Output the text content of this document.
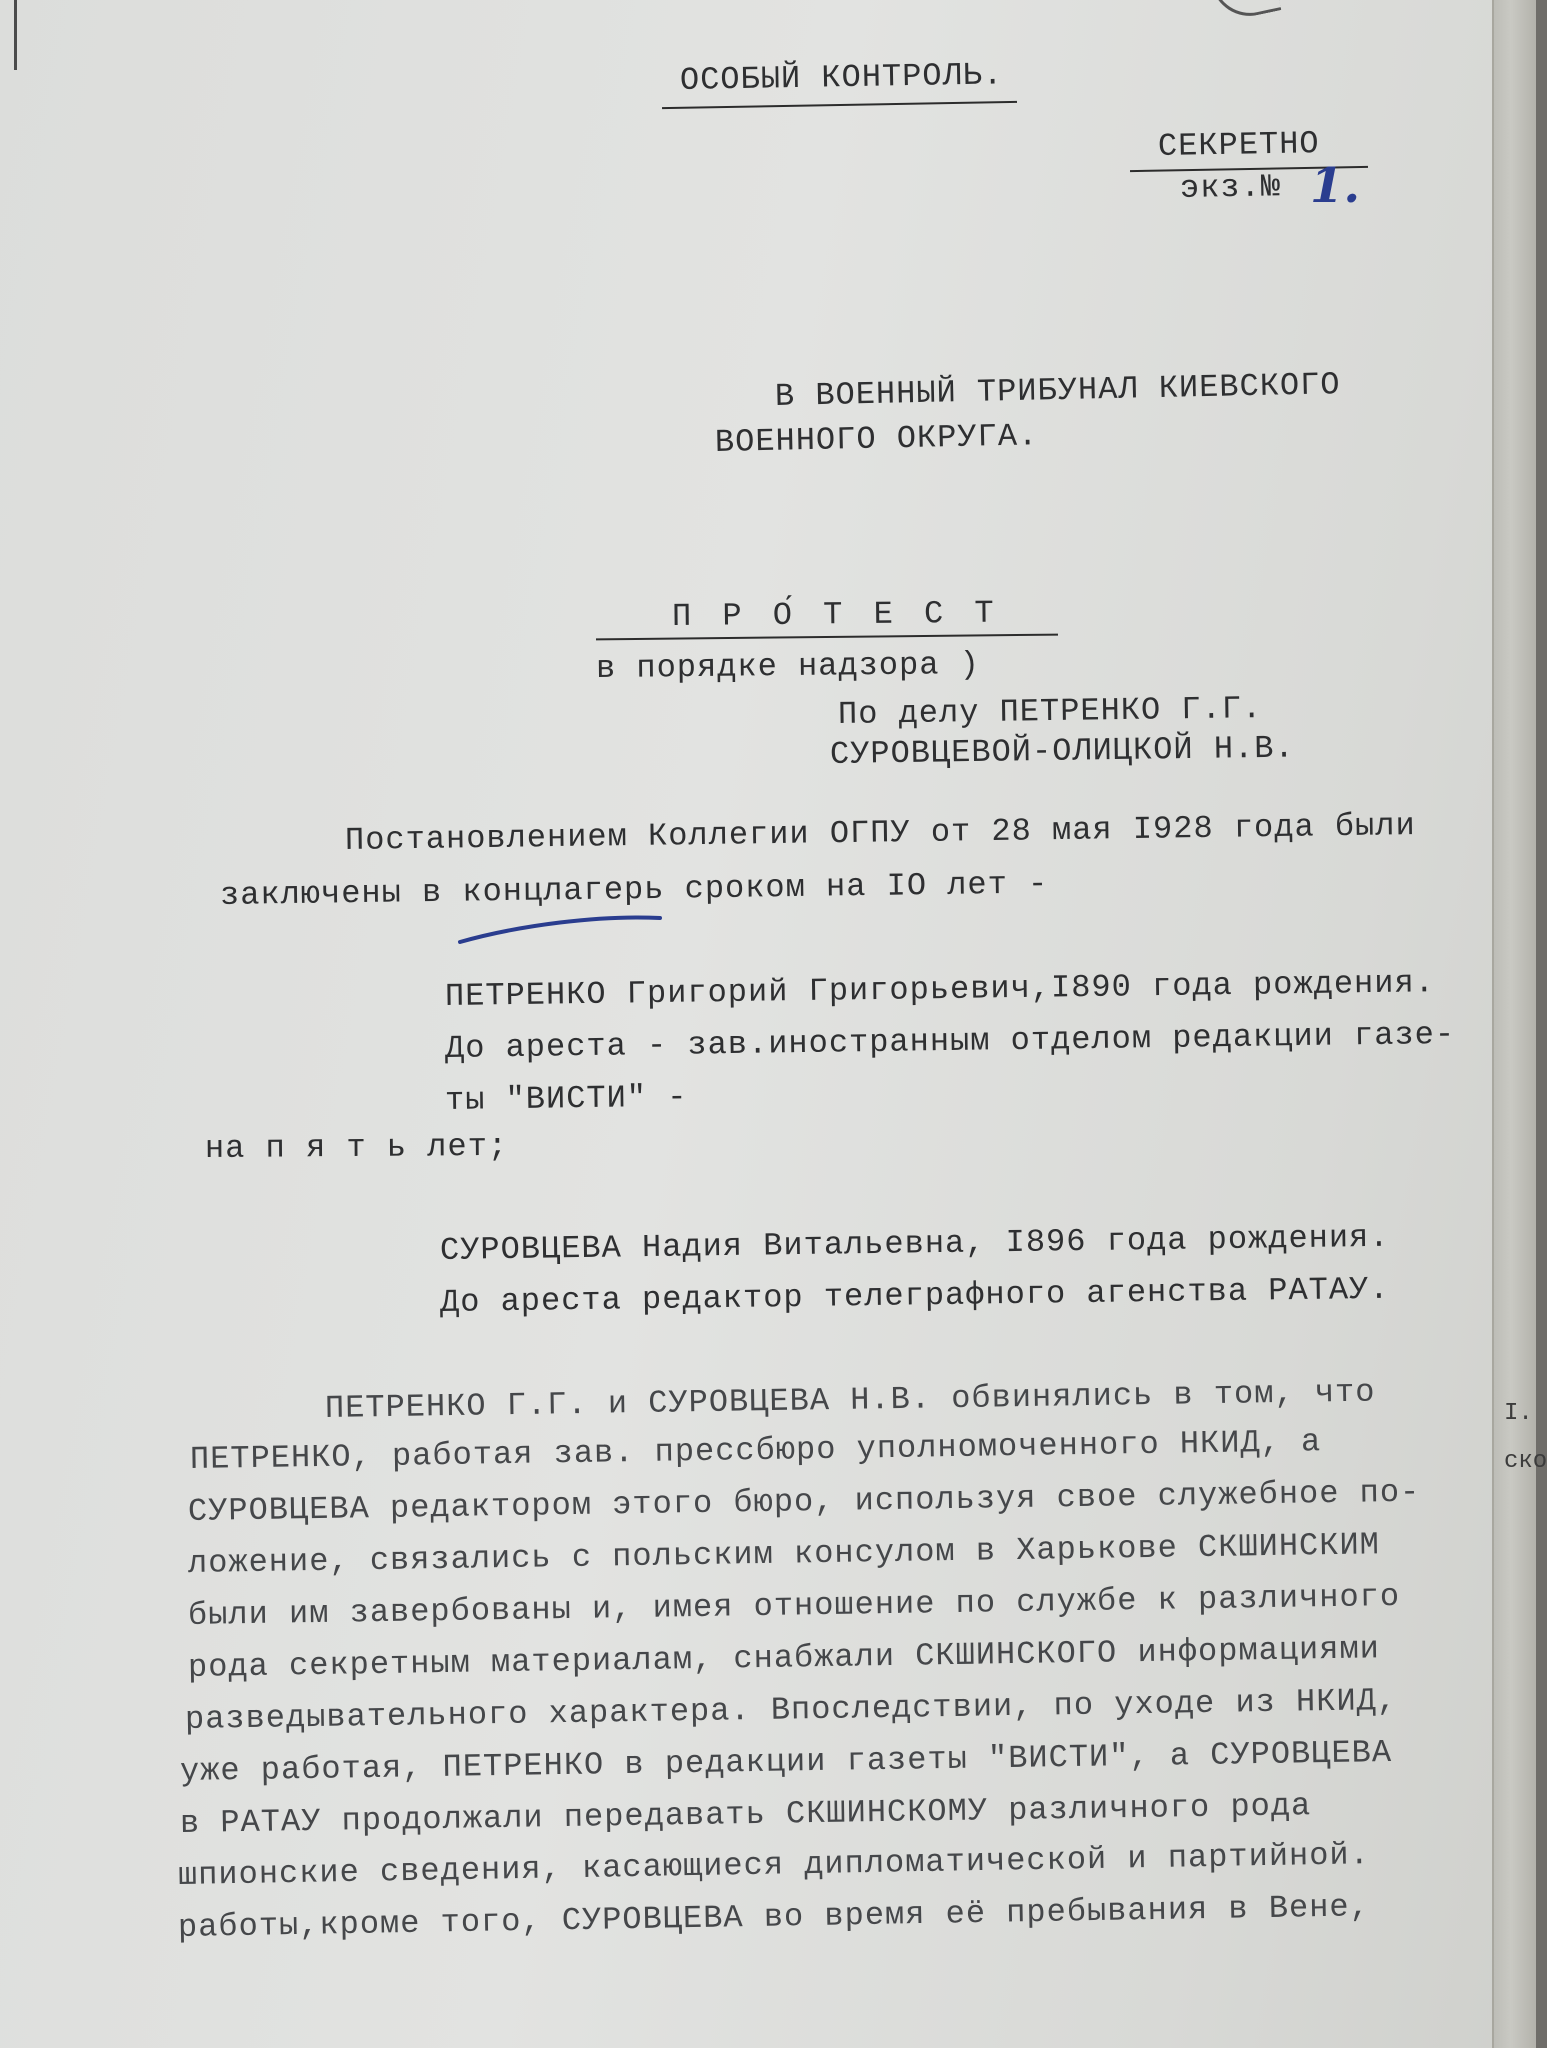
I.
ско
ОСОБЫЙ КОНТРОЛЬ.
СЕКРЕТНО
экз.№ 1.
В ВОЕННЫЙ ТРИБУНАЛ КИЕВСКОГО
ВОЕННОГО ОКРУГА.
П Р О́ Т Е С Т
в порядке надзора )
По делу ПЕТРЕНКО Г.Г.
СУРОВЦЕВОЙ-ОЛИЦКОЙ Н.В.
Постановлением Коллегии ОГПУ от 28 мая I928 года были
заключены в концлагерь сроком на IO лет -
ПЕТРЕНКО Григорий Григорьевич,I890 года рождения.
До ареста - зав.иностранным отделом редакции газе-
ты "ВИСТИ" -
на п я т ь лет;
СУРОВЦЕВА Надия Витальевна, I896 года рождения.
До ареста редактор телеграфного агенства РАТАУ.
ПЕТРЕНКО Г.Г. и СУРОВЦЕВА Н.В. обвинялись в том, что
ПЕТРЕНКО, работая зав. прессбюро уполномоченного НКИД, а
СУРОВЦЕВА редактором этого бюро, используя свое служебное по-
ложение, связались с польским консулом в Харькове СКШИНСКИМ
были им завербованы и, имея отношение по службе к различного
рода секретным материалам, снабжали СКШИНСКОГО информациями
разведывательного характера. Впоследствии, по уходе из НКИД,
уже работая, ПЕТРЕНКО в редакции газеты "ВИСТИ", а СУРОВЦЕВА
в РАТАУ продолжали передавать СКШИНСКОМУ различного рода
шпионские сведения, касающиеся дипломатической и партийной.
работы,кроме того, СУРОВЦЕВА во время её пребывания в Вене,
